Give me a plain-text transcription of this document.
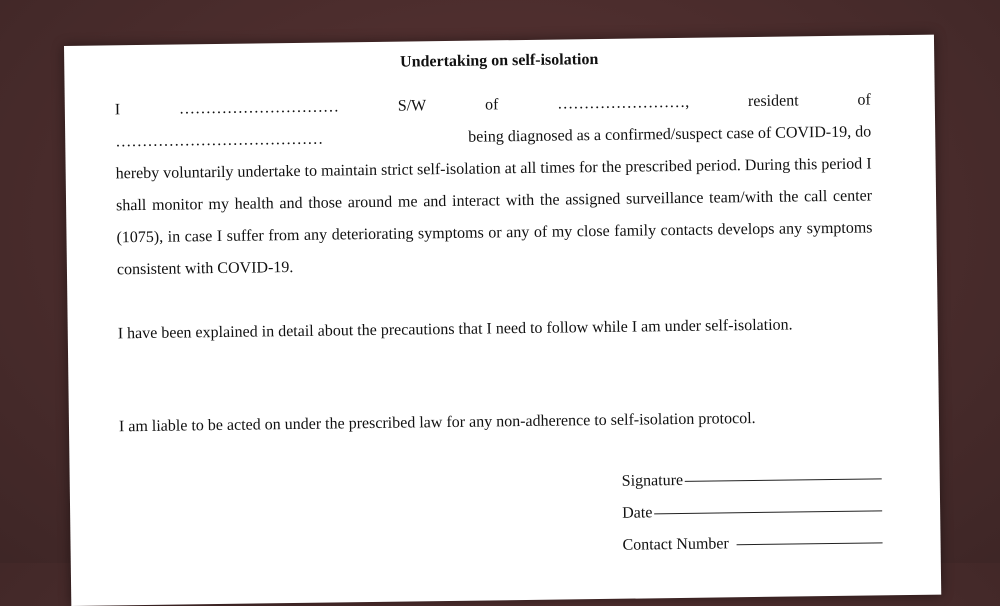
Undertaking on self-isolation
I	…………………………	S/W	of	……………………,	resident	of
…………………………………	being diagnosed as a confirmed/suspect case of COVID-19, do
hereby voluntarily undertake to maintain strict self-isolation at all times for the prescribed period. During this period I shall monitor my health and those around me and interact with the assigned surveillance team/with the call center (1075), in case I suffer from any deteriorating symptoms or any of my close family contacts develops any symptoms consistent with COVID-19.
I have been explained in detail about the precautions that I need to follow while I am under self-isolation.
I am liable to be acted on under the prescribed law for any non-adherence to self-isolation protocol.
Signature
Date
Contact Number
